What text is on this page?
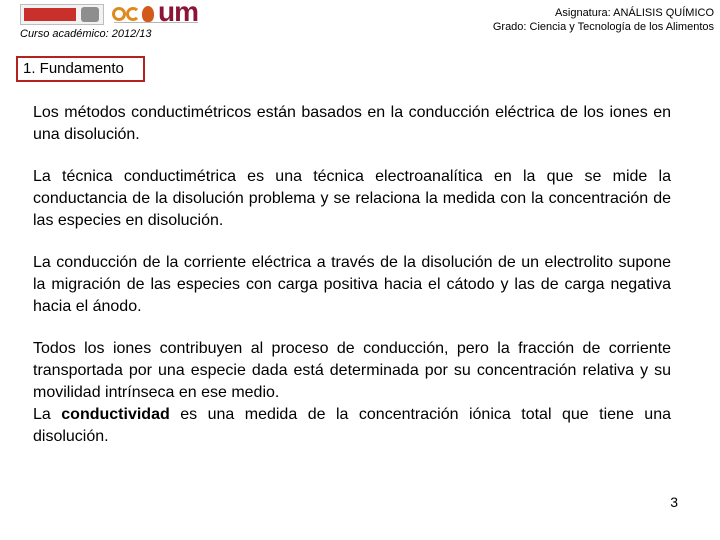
um
Curso académico: 2012/13
Asignatura: ANÁLISIS QUÍMICO
Grado: Ciencia y Tecnología de los Alimentos
1. Fundamento

Los métodos conductimétricos están basados en la conducción eléctrica de los iones en una disolución.

La técnica conductimétrica es una técnica electroanalítica en la que se mide la conductancia de la disolución problema y se relaciona la medida con la concentración de las especies en disolución.

La conducción de la corriente eléctrica a través de la disolución de un electrolito supone la migración de las especies con carga positiva hacia el cátodo y las de carga negativa hacia el ánodo.

Todos los iones contribuyen al proceso de conducción, pero la fracción de corriente transportada por una especie dada está determinada por su concentración relativa y su movilidad intrínseca en ese medio.

La conductividad es una medida de la concentración iónica total que tiene una disolución.

3
